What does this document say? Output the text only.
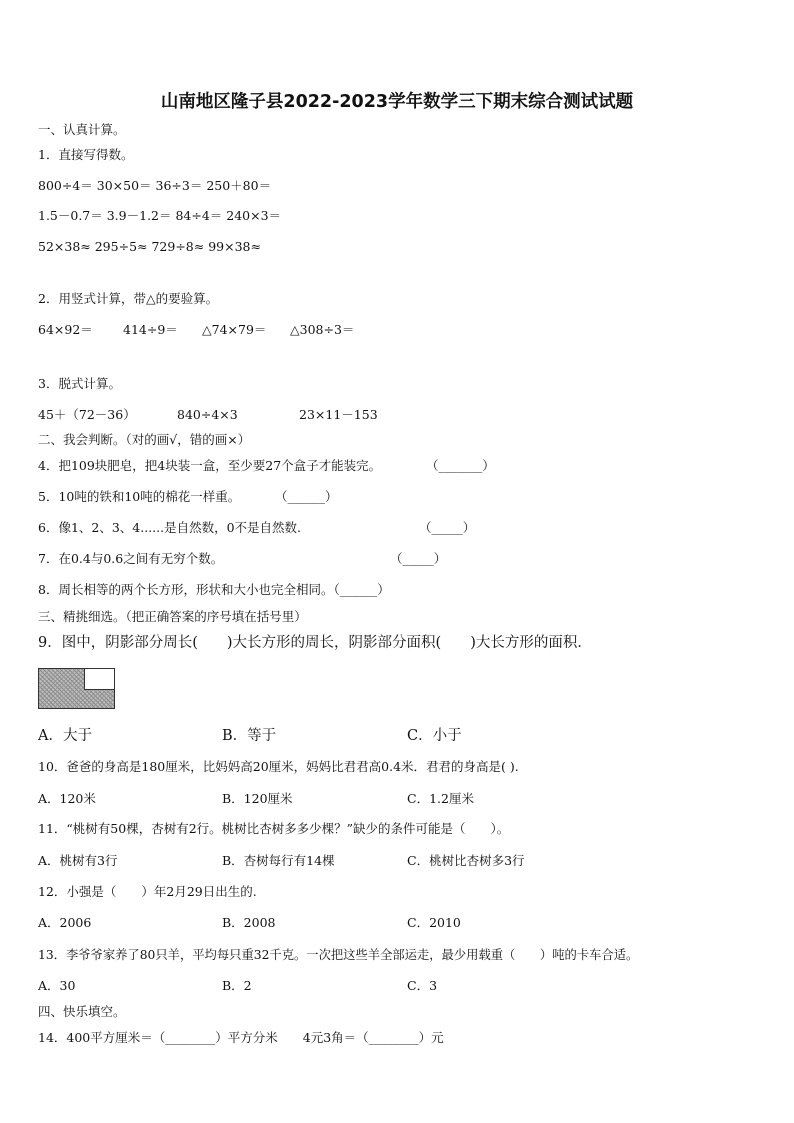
山南地区隆子县2022-2023学年数学三下期末综合测试试题
一、认真计算。
1．直接写得数。
800÷4＝ 30×50＝ 36÷3＝ 250＋80＝
1.5－0.7＝ 3.9－1.2＝ 84÷4＝ 240×3＝
52×38≈ 295÷5≈ 729÷8≈ 99×38≈
2．用竖式计算，带△的要验算。
64×92＝ 414÷9＝ △74×79＝ △308÷3＝
3．脱式计算。
45＋（72－36）	840÷4×3	23×11－153
二、我会判断。（对的画√，错的画×）
4．把109块肥皂，把4块装一盒，至少要27个盒子才能装完。	（_______）
5．10吨的铁和10吨的棉花一样重。	（______）
6．像1、2、3、4......是自然数，0不是自然数.	（_____）
7．在0.4与0.6之间有无穷个数。	（_____）
8．周长相等的两个长方形，形状和大小也完全相同。（______）
三、精挑细选。（把正确答案的序号填在括号里）
9．图中，阴影部分周长(　　)大长方形的周长，阴影部分面积(　　)大长方形的面积．
A．大于	B．等于	C．小于
10．爸爸的身高是180厘米，比妈妈高20厘米，妈妈比君君高0.4米．君君的身高是( ).
A．120米	B．120厘米	C．1.2厘米
11．“桃树有50棵，杏树有2行。桃树比杏树多多少棵？”缺少的条件可能是（　　）。
A．桃树有3行	B．杏树每行有14棵	C．桃树比杏树多3行
12．小强是（　　）年2月29日出生的.
A．2006	B．2008	C．2010
13．李爷爷家养了80只羊，平均每只重32千克。一次把这些羊全部运走，最少用载重（　　）吨的卡车合适。
A．30	B．2	C．3
四、快乐填空。
14．400平方厘米＝（________）平方分米　　4元3角＝（________）元
